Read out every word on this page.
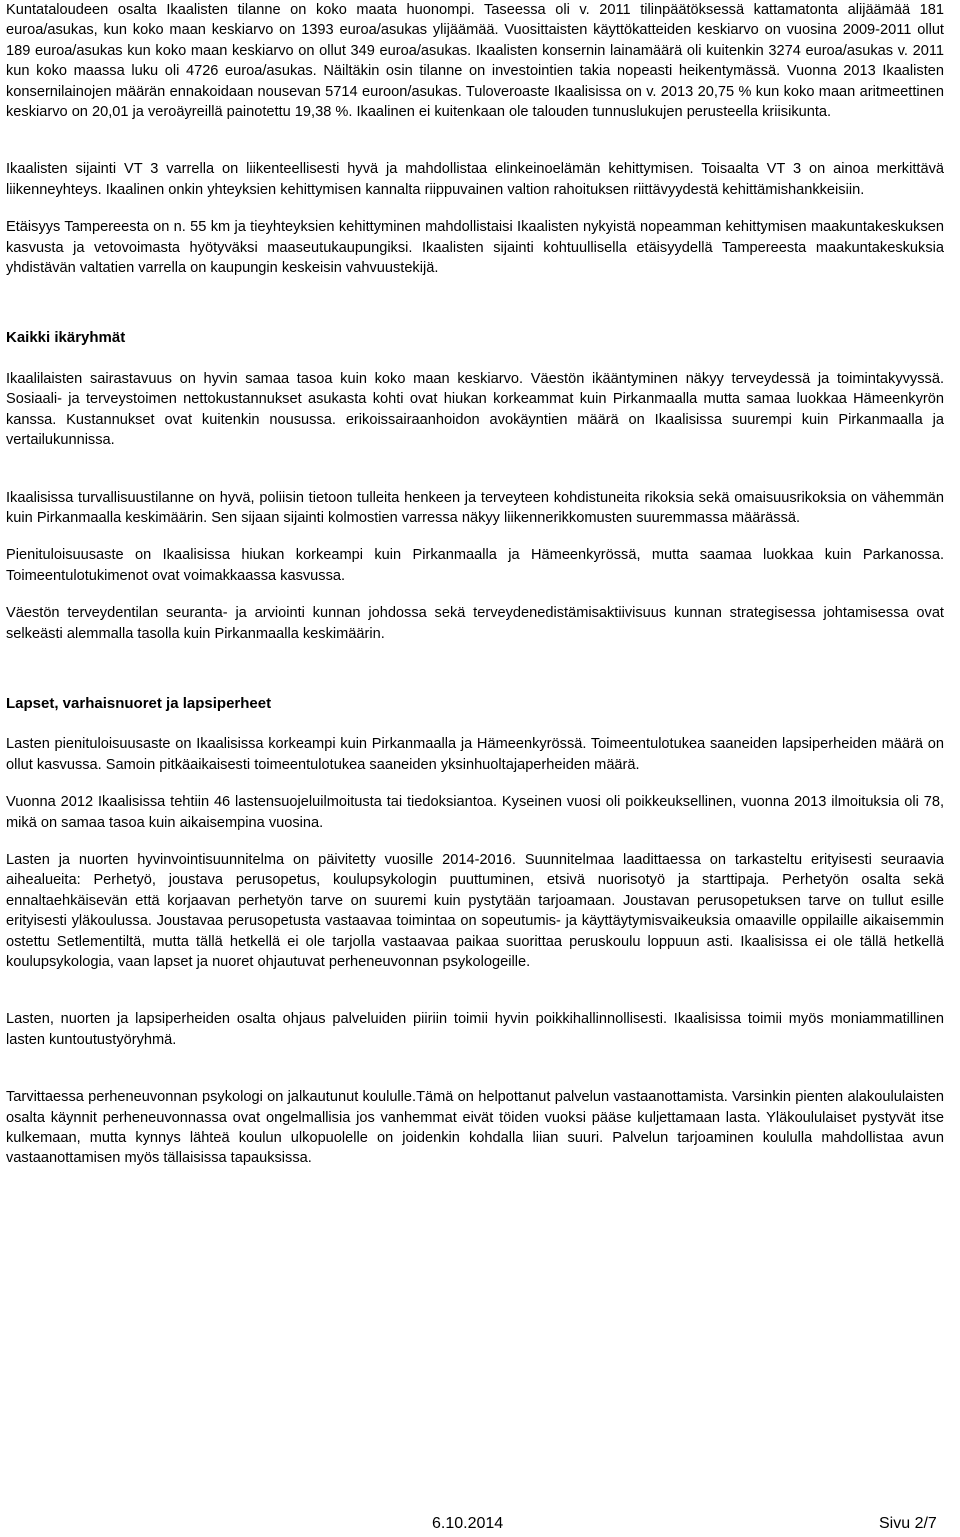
Kuntataloudeen osalta Ikaalisten tilanne on koko maata huonompi. Taseessa oli v. 2011 tilinpäätöksessä kattamatonta alijäämää 181 euroa/asukas, kun koko maan keskiarvo on 1393 euroa/asukas ylijäämää. Vuosittaisten käyttökatteiden keskiarvo on vuosina 2009-2011 ollut 189 euroa/asukas kun koko maan keskiarvo on ollut 349 euroa/asukas. Ikaalisten konsernin lainamäärä oli kuitenkin 3274 euroa/asukas v. 2011 kun koko maassa luku oli 4726 euroa/asukas. Näiltäkin osin tilanne on investointien takia nopeasti heikentymässä. Vuonna 2013 Ikaalisten konsernilainojen määrän ennakoidaan nousevan 5714 euroon/asukas. Tuloveroaste Ikaalisissa on v. 2013 20,75 % kun koko maan aritmeettinen keskiarvo on 20,01 ja veroäyreillä painotettu 19,38 %. Ikaalinen ei kuitenkaan ole talouden tunnuslukujen perusteella kriisikunta.

Ikaalisten sijainti VT 3 varrella on liikenteellisesti hyvä ja mahdollistaa elinkeinoelämän kehittymisen. Toisaalta VT 3 on ainoa merkittävä liikenneyhteys. Ikaalinen onkin yhteyksien kehittymisen kannalta riippuvainen valtion rahoituksen riittävyydestä kehittämishankkeisiin.

Etäisyys Tampereesta on n. 55 km ja tieyhteyksien kehittyminen mahdollistaisi Ikaalisten nykyistä nopeamman kehittymisen maakuntakeskuksen kasvusta ja vetovoimasta hyötyväksi maaseutukaupungiksi. Ikaalisten sijainti kohtuullisella etäisyydellä Tampereesta maakuntakeskuksia yhdistävän valtatien varrella on kaupungin keskeisin vahvuustekijä.

Kaikki ikäryhmät

Ikaalilaisten sairastavuus on hyvin samaa tasoa kuin koko maan keskiarvo. Väestön ikääntyminen näkyy terveydessä ja toimintakyvyssä. Sosiaali- ja terveystoimen nettokustannukset asukasta kohti ovat hiukan korkeammat kuin Pirkanmaalla mutta samaa luokkaa Hämeenkyrön kanssa. Kustannukset ovat kuitenkin nousussa. erikoissairaanhoidon avokäyntien määrä on Ikaalisissa suurempi kuin Pirkanmaalla ja vertailukunnissa.

Ikaalisissa turvallisuustilanne on hyvä, poliisin tietoon tulleita henkeen ja terveyteen kohdistuneita rikoksia sekä omaisuusrikoksia on vähemmän kuin Pirkanmaalla keskimäärin. Sen sijaan sijainti kolmostien varressa näkyy liikennerikkomusten suuremmassa määrässä.

Pienituloisuusaste on Ikaalisissa hiukan korkeampi kuin Pirkanmaalla ja Hämeenkyrössä, mutta saamaa luokkaa kuin Parkanossa. Toimeentulotukimenot ovat voimakkaassa kasvussa.

Väestön terveydentilan seuranta- ja arviointi kunnan johdossa sekä terveydenedistämisaktiivisuus kunnan strategisessa johtamisessa ovat selkeästi alemmalla tasolla kuin Pirkanmaalla keskimäärin.

Lapset, varhaisnuoret ja lapsiperheet

Lasten pienituloisuusaste on Ikaalisissa korkeampi kuin Pirkanmaalla ja Hämeenkyrössä. Toimeentulotukea saaneiden lapsiperheiden määrä on ollut kasvussa. Samoin pitkäaikaisesti toimeentulotukea saaneiden yksinhuoltajaperheiden määrä.

Vuonna 2012 Ikaalisissa tehtiin 46 lastensuojeluilmoitusta tai tiedoksiantoa. Kyseinen vuosi oli poikkeuksellinen, vuonna 2013 ilmoituksia oli 78, mikä on samaa tasoa kuin aikaisempina vuosina.

Lasten ja nuorten hyvinvointisuunnitelma on päivitetty vuosille 2014-2016. Suunnitelmaa laadittaessa on tarkasteltu erityisesti seuraavia aihealueita: Perhetyö, joustava perusopetus, koulupsykologin puuttuminen, etsivä nuorisotyö ja starttipaja. Perhetyön osalta sekä ennaltaehkäisevän että korjaavan perhetyön tarve on suuremi kuin pystytään tarjoamaan. Joustavan perusopetuksen tarve on tullut esille erityisesti yläkoulussa. Joustavaa perusopetusta vastaavaa toimintaa on sopeutumis- ja käyttäytymisvaikeuksia omaaville oppilaille aikaisemmin ostettu Setlementiltä, mutta tällä hetkellä ei ole tarjolla vastaavaa paikaa suorittaa peruskoulu loppuun asti. Ikaalisissa ei ole tällä hetkellä koulupsykologia, vaan lapset ja nuoret ohjautuvat perheneuvonnan psykologeille.

Lasten, nuorten ja lapsiperheiden osalta ohjaus palveluiden piiriin toimii hyvin poikkihallinnollisesti. Ikaalisissa toimii myös moniammatillinen lasten kuntoutustyöryhmä.

Tarvittaessa perheneuvonnan psykologi on jalkautunut koululle.Tämä on helpottanut palvelun vastaanottamista. Varsinkin pienten alakoululaisten osalta käynnit perheneuvonnassa ovat ongelmallisia jos vanhemmat eivät töiden vuoksi pääse kuljettamaan lasta. Yläkoululaiset pystyvät itse kulkemaan, mutta kynnys lähteä koulun ulkopuolelle on joidenkin kohdalla liian suuri. Palvelun tarjoaminen koululla mahdollistaa avun vastaanottamisen myös tällaisissa tapauksissa.

6.10.2014	Sivu 2/7
